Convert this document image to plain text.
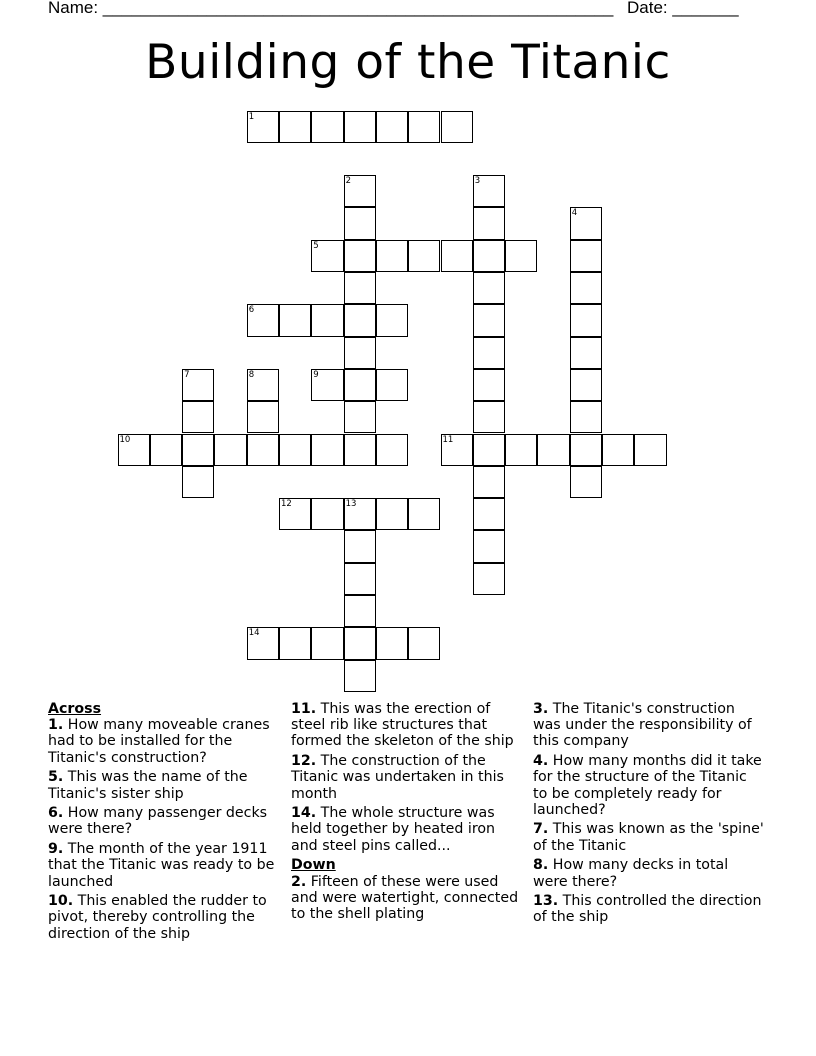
Name: ______________________________________________________ Date: _______
Building of the Titanic
1
2	3
4
5
6
7	8	9
10	11
12	13
14
Across
1. How many moveable cranes had to be installed for the Titanic's construction?
5. This was the name of the Titanic's sister ship
6. How many passenger decks were there?
9. The month of the year 1911 that the Titanic was ready to be launched
10. This enabled the rudder to pivot, thereby controlling the direction of the ship
11. This was the erection of steel rib like structures that formed the skeleton of the ship
12. The construction of the Titanic was undertaken in this month
14. The whole structure was held together by heated iron and steel pins called...
Down
2. Fifteen of these were used and were watertight, connected to the shell plating
3. The Titanic's construction was under the responsibility of this company
4. How many months did it take for the structure of the Titanic to be completely ready for launched?
7. This was known as the 'spine' of the Titanic
8. How many decks in total were there?
13. This controlled the direction of the ship
